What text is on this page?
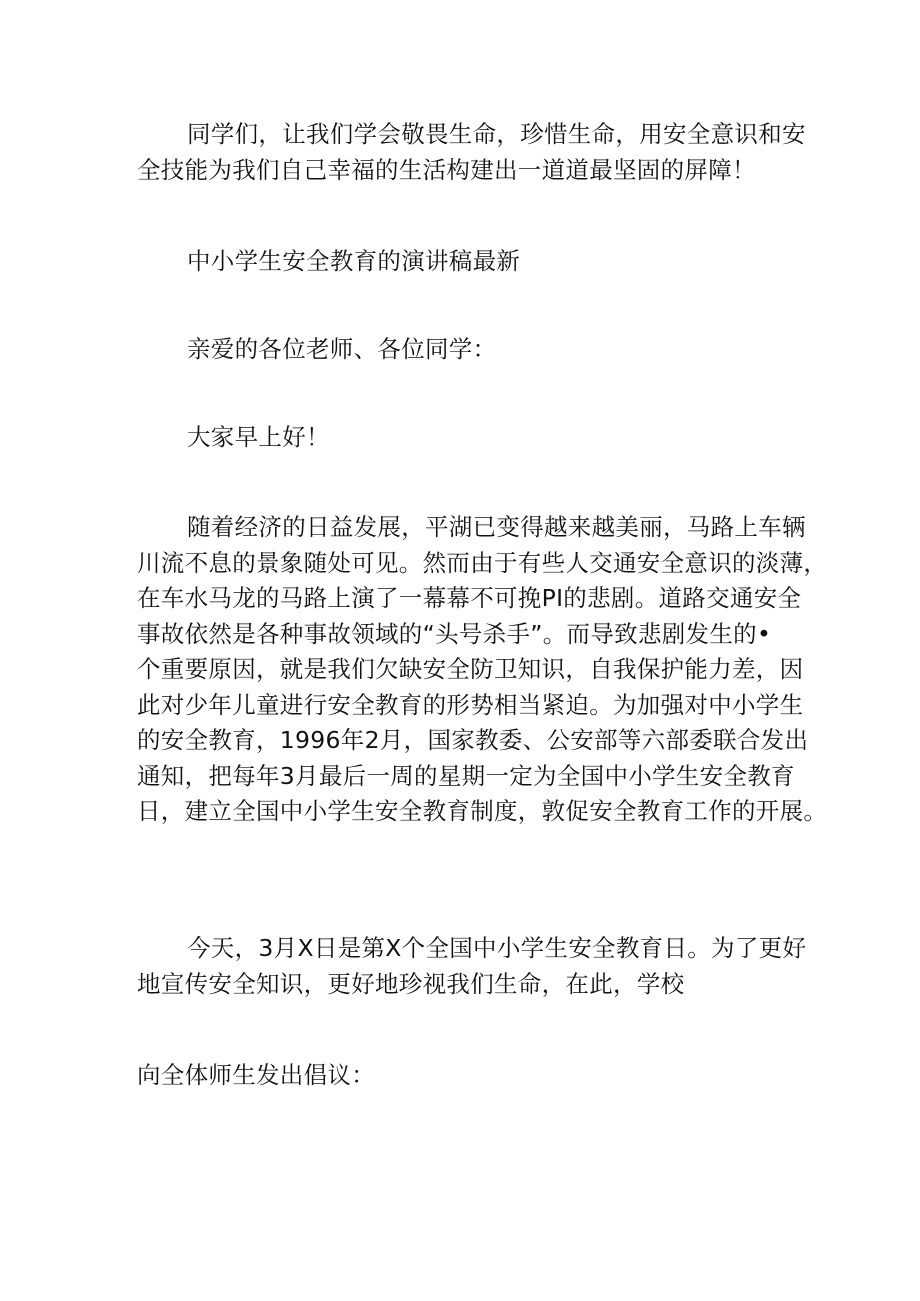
同学们，让我们学会敬畏生命，珍惜生命，用安全意识和安
全技能为我们自己幸福的生活构建出一道道最坚固的屏障！
中小学生安全教育的演讲稿最新
亲爱的各位老师、各位同学：
大家早上好！
随着经济的日益发展，平湖已变得越来越美丽，马路上车辆
川流不息的景象随处可见。然而由于有些人交通安全意识的淡薄，
在车水马龙的马路上演了一幕幕不可挽PI的悲剧。道路交通安全
事故依然是各种事故领域的“头号杀手”。而导致悲剧发生的•
个重要原因，就是我们欠缺安全防卫知识，自我保护能力差，因
此对少年儿童进行安全教育的形势相当紧迫。为加强对中小学生
的安全教育，1996年2月，国家教委、公安部等六部委联合发出
通知，把每年3月最后一周的星期一定为全国中小学生安全教育
日，建立全国中小学生安全教育制度，敦促安全教育工作的开展。
今天，3月X日是第X个全国中小学生安全教育日。为了更好
地宣传安全知识，更好地珍视我们生命，在此，学校
向全体师生发出倡议：
